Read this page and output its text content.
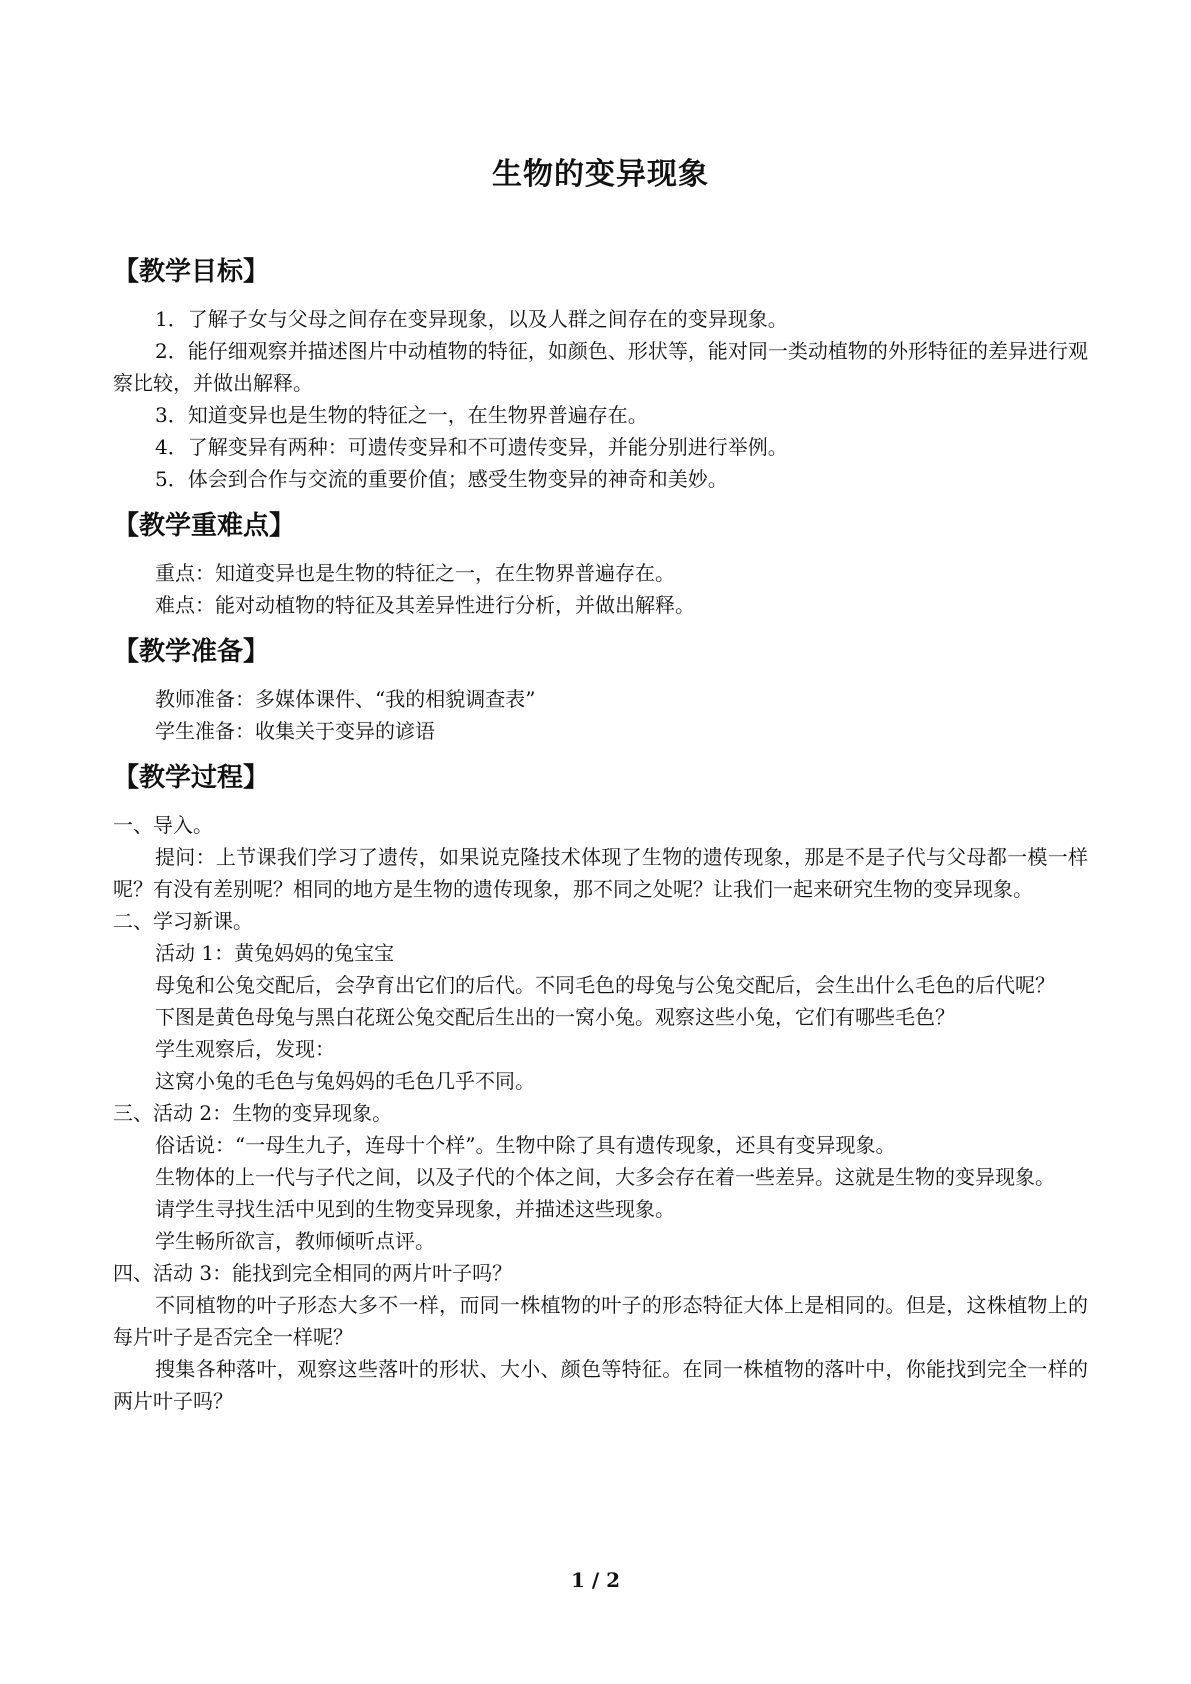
生物的变异现象
【教学目标】

1．了解子女与父母之间存在变异现象，以及人群之间存在的变异现象。

2．能仔细观察并描述图片中动植物的特征，如颜色、形状等，能对同一类动植物的外形特征的差异进行观察比较，并做出解释。

3．知道变异也是生物的特征之一，在生物界普遍存在。

4．了解变异有两种：可遗传变异和不可遗传变异，并能分别进行举例。

5．体会到合作与交流的重要价值；感受生物变异的神奇和美妙。

【教学重难点】

重点：知道变异也是生物的特征之一，在生物界普遍存在。

难点：能对动植物的特征及其差异性进行分析，并做出解释。

【教学准备】

教师准备：多媒体课件、“我的相貌调查表”

学生准备：收集关于变异的谚语

【教学过程】

一、导入。

提问：上节课我们学习了遗传，如果说克隆技术体现了生物的遗传现象，那是不是子代与父母都一模一样呢？有没有差别呢？相同的地方是生物的遗传现象，那不同之处呢？让我们一起来研究生物的变异现象。

二、学习新课。

活动 1：黄兔妈妈的兔宝宝

母兔和公兔交配后，会孕育出它们的后代。不同毛色的母兔与公兔交配后，会生出什么毛色的后代呢？

下图是黄色母兔与黑白花斑公兔交配后生出的一窝小兔。观察这些小兔，它们有哪些毛色？

学生观察后，发现：

这窝小兔的毛色与兔妈妈的毛色几乎不同。

三、活动 2：生物的变异现象。

俗话说：“一母生九子，连母十个样”。生物中除了具有遗传现象，还具有变异现象。

生物体的上一代与子代之间，以及子代的个体之间，大多会存在着一些差异。这就是生物的变异现象。

请学生寻找生活中见到的生物变异现象，并描述这些现象。

学生畅所欲言，教师倾听点评。

四、活动 3：能找到完全相同的两片叶子吗？

不同植物的叶子形态大多不一样，而同一株植物的叶子的形态特征大体上是相同的。但是，这株植物上的每片叶子是否完全一样呢？

搜集各种落叶，观察这些落叶的形状、大小、颜色等特征。在同一株植物的落叶中，你能找到完全一样的两片叶子吗？

1 / 2
